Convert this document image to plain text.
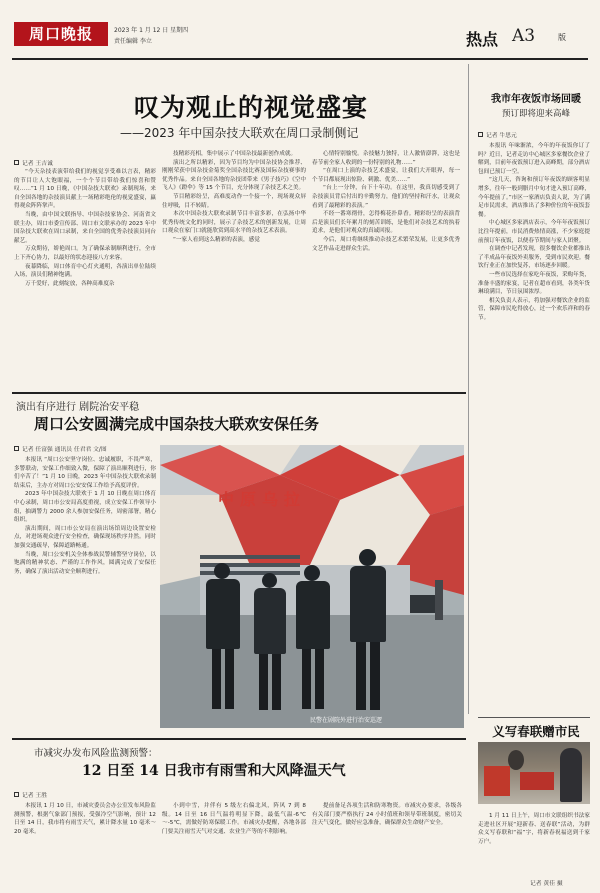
周口晚报	2023 年 1 月 12 日 星期四
责任编辑 李立	热点 A3	版
叹为观止的视觉盛宴
——2023 年中国杂技大联欢在周口录制侧记
记者 王吉诚

“今天杂技表演带给我们的视觉享受难以言表，精彩的节目让人大饱眼福，一个个节目带给我们惊喜和赞叹……”1 月 10 日晚，《中国杂技大联欢》录制现场，来自全国各地的杂技演员献上一场精彩绝伦的视觉盛宴，赢得观众阵阵掌声。

当晚，由中国文联指导、中国杂技家协会、河南省文联主办，周口市委宣传部、周口市文联承办的 2023 年中国杂技大联欢在周口录制，来自全国的优秀杂技演员同台献艺。

万众期待，娇艳周口。为了确保录制顺利进行，全市上下齐心协力，以最好的状态迎接八方来客。

夜幕降临，周口体育中心灯火通明，各演出单位陆续入场，演员们精神饱满。

万千爱好，此刻绽放，各种高难度杂

技精彩亮相，集中展示了中国杂技最新创作成就。

演出之所以精彩，因为节目均为中国杂技协会推荐、刚刚荣获中国杂技金菊奖全国杂技比赛及国际杂技赛事的优秀作品。来自全国各地的杂技团带来《男子技巧》《空中飞人》《蹬伞》等 15 个节目，充分体现了杂技艺术之美。

节目精彩纷呈，高难度动作一个接一个，现场观众屏住呼吸，目不转睛。

本次中国杂技大联欢录制节目丰富多彩，在弘扬中华优秀传统文化的同时，展示了杂技艺术的创新发展，让周口观众在家门口就能欣赏到高水平的杂技艺术表演。

“一家人看到这么精彩的表演，感觉

心情特别愉悦。杂技魅力独特，让人激情澎湃，这也是春节前全家人收到的一份特别的礼物……”

“在周口上演的杂技艺术盛宴，让我们大开眼界，每一个节目都展现出惊险、刺激、优美……”

“台上一分钟，台下十年功。在这里，我真切感受到了杂技演员背后付出的辛勤努力，他们的坚持和汗水，让观众看到了最精彩的表演。”

不经一番寒彻骨，怎得梅花扑鼻香。精彩纷呈的表演背后是演员们长年累月的刻苦训练，是他们对杂技艺术的执着追求，是他们对观众的真诚回报。

今后，周口将继续推动杂技艺术繁荣发展，让更多优秀文艺作品走进群众生活。

我市年夜饭市场回暖
预订即将迎来高峰
记者 牛思元

本报讯 年味渐浓，今年的年夜饭你订了吗？近日，记者走访中心城区多家餐饮企业了解到，目前年夜饭预订进入高峰期，部分酒店包间已预订一空。

“这几天，咨询和预订年夜饭的顾客明显增多，往年一般到腊月中旬才进入预订高峰，今年提前了。”市区一家酒店负责人说，为了满足市民需求，酒店推出了多种价位的年夜饭套餐。

中心城区多家酒店表示，今年年夜饭预订比往年提前，市民消费热情高涨，不少家庭提前预订年夜饭，以便春节期间与家人团聚。

在调查中记者发现，很多餐饮企业都推出了半成品年夜饭外卖服务，受到市民欢迎。餐饮行业正在加快复苏，市场逐步回暖。

一些市民选择在家吃年夜饭，采购年货，准备丰盛的家宴，记者在超市看到，各类年货琳琅满目，节日氛围浓厚。

相关负责人表示，将加强对餐饮企业的监管，保障市民吃得放心，过一个欢乐祥和的春节。

义写春联赠市民

1 月 11 日上午，周口市文联组织书法家走进社区开展“迎新春、送春联”活动，为群众义写春联和“福”字，将新春祝福送到千家万户。

记者 黄佳 摄
演出有序进行 剧院治安平稳
周口公安圆满完成中国杂技大联欢安保任务
记者 任富强 通讯员 任君君 文/图

本报讯 “周口公安坚守岗位、忠诚履职，不畏严寒，多警联动，安保工作细致入微，保障了演出顺利进行，你们辛苦了！”1 月 10 日晚，2023 年中国杂技大联欢录制结束后，主办方对周口公安安保工作给予高度评价。

2023 年中国杂技大联欢于 1 月 10 日晚在周口体育中心录制，周口市公安局高度重视，成立安保工作领导小组，抽调警力 2000 余人参加安保任务，周密部署，精心组织。

演出期间，周口市公安局在演出场馆周边设置安检点，对进场观众进行安全检查，确保现场秩序井然。同时加强交通疏导，保障道路畅通。

当晚，周口公安机关全体参战民警辅警坚守岗位，以饱满的精神状态、严谨的工作作风，圆满完成了安保任务，确保了演出活动安全顺利进行。

中原乌拉
民警在剧院外进行治安巡逻
市减灾办发布风险监测预警：
12 日至 14 日我市有雨雪和大风降温天气
记者 王胜

本报讯 1 月 10 日，市减灾委员会办公室发布风险监测预警，根据气象部门预报，受强冷空气影响，预计 12 日至 14 日，我市将有雨雪天气，累计降水量 10 毫米～20 毫米。

小到中雪，并伴有 5 级左右偏北风，阵风 7 到 8 级。14 日至 16 日气温将明显下降，最低气温-6℃～-5℃，需做好防寒保暖工作。市减灾办提醒，各地各部门要关注雨雪天气对交通、农业生产等的不利影响。

提前备足各项生活和防寒物资。市减灾办要求，各级各有关部门要严格执行 24 小时值班和领导带班制度，密切关注天气变化，做好应急准备，确保群众生命财产安全。
